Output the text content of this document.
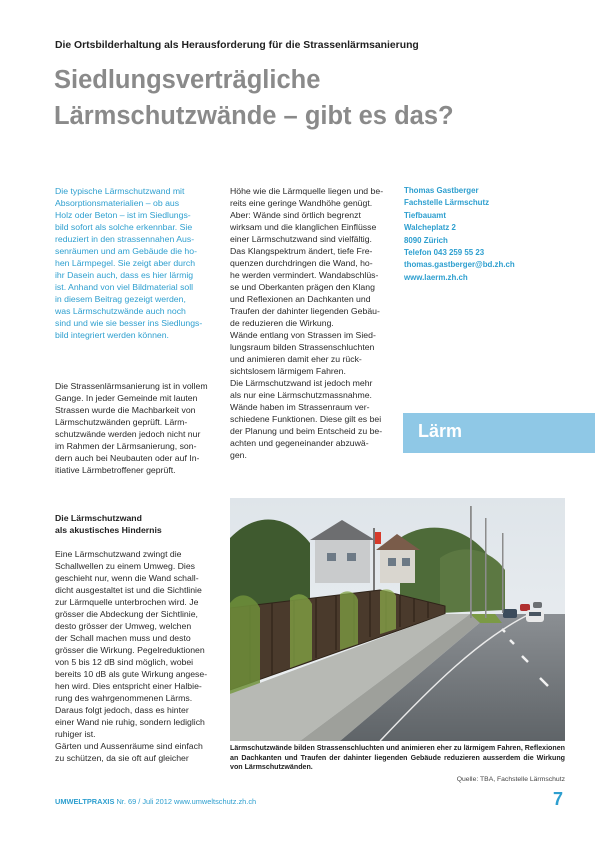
Die Ortsbilderhaltung als Herausforderung für die Strassenlärmsanierung
Siedlungsverträgliche
Lärmschutzwände – gibt es das?
Die typische Lärmschutzwand mit
Absorptionsmaterialien – ob aus
Holz oder Beton – ist im Siedlungs-
bild sofort als solche erkennbar. Sie
reduziert in den strassennahen Aus-
senräumen und am Gebäude die ho-
hen Lärmpegel. Sie zeigt aber durch
ihr Dasein auch, dass es hier lärmig
ist. Anhand von viel Bildmaterial soll
in diesem Beitrag gezeigt werden,
was Lärmschutzwände auch noch
sind und wie sie besser ins Siedlungs-
bild integriert werden können.

Die Strassenlärmsanierung ist in vollem
Gange. In jeder Gemeinde mit lauten
Strassen wurde die Machbarkeit von
Lärmschutzwänden geprüft. Lärm-
schutzwände werden jedoch nicht nur
im Rahmen der Lärmsanierung, son-
dern auch bei Neubauten oder auf In-
itiative Lärmbetroffener geprüft.

Höhe wie die Lärmquelle liegen und be-
reits eine geringe Wandhöhe genügt.
Aber: Wände sind örtlich begrenzt
wirksam und die klanglichen Einflüsse
einer Lärmschutzwand sind vielfältig.
Das Klangspektrum ändert, tiefe Fre-
quenzen durchdringen die Wand, ho-
he werden vermindert. Wandabschlüs-
se und Oberkanten prägen den Klang
und Reflexionen an Dachkanten und
Traufen der dahinter liegenden Gebäu-
de reduzieren die Wirkung.

Wände entlang von Strassen im Sied-
lungsraum bilden Strassenschluchten
und animieren damit eher zu rück-
sichtslosem lärmigem Fahren.

Die Lärmschutzwand ist jedoch mehr
als nur eine Lärmschutzmassnahme.
Wände haben im Strassenraum ver-
schiedene Funktionen. Diese gilt es bei
der Planung und beim Entscheid zu be-
achten und gegeneinander abzuwä-
gen.

Thomas Gastberger
Fachstelle Lärmschutz
Tiefbauamt
Walcheplatz 2
8090 Zürich
Telefon 043 259 55 23
thomas.gastberger@bd.zh.ch
www.laerm.zh.ch

Lärm
Die Lärmschutzwand
als akustisches Hindernis

Eine Lärmschutzwand zwingt die
Schallwellen zu einem Umweg. Dies
geschieht nur, wenn die Wand schall-
dicht ausgestaltet ist und die Sichtlinie
zur Lärmquelle unterbrochen wird. Je
grösser die Abdeckung der Sichtlinie,
desto grösser der Umweg, welchen
der Schall machen muss und desto
grösser die Wirkung. Pegelreduktionen
von 5 bis 12 dB sind möglich, wobei
bereits 10 dB als gute Wirkung angese-
hen wird. Dies entspricht einer Halbie-
rung des wahrgenommenen Lärms.
Daraus folgt jedoch, dass es hinter
einer Wand nie ruhig, sondern lediglich
ruhiger ist.

Gärten und Aussenräume sind einfach
zu schützen, da sie oft auf gleicher

Lärmschutzwände bilden Strassenschluchten und animieren eher zu lärmigem Fahren, Reflexionen an Dachkanten und Traufen der dahinter liegenden Gebäude reduzieren ausserdem die Wirkung von Lärmschutzwänden.
Quelle: TBA, Fachstelle Lärmschutz
UMWELTPRAXIS Nr. 69 / Juli 2012 www.umweltschutz.zh.ch	7
